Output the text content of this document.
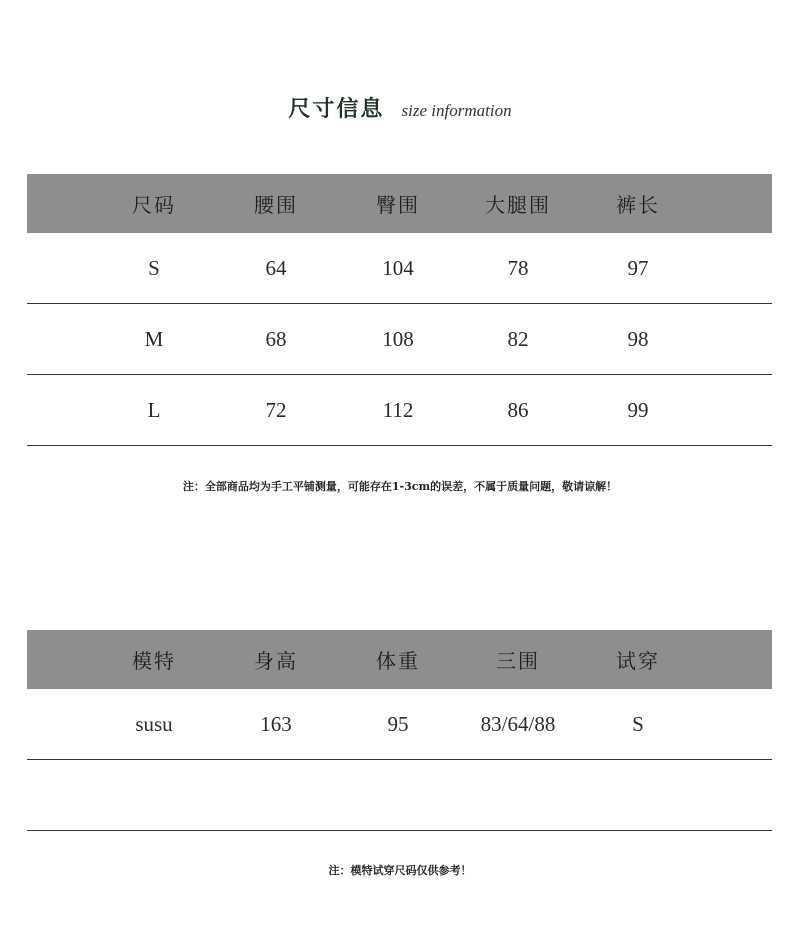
尺寸信息 size information
尺码	腰围	臀围	大腿围	裤长
S	64	104	78	97
M	68	108	82	98
L	72	112	86	99
注：全部商品均为手工平铺测量，可能存在1-3cm的误差，不属于质量问题，敬请谅解！
模特	身高	体重	三围	试穿
susu	163	95	83/64/88	S
注：模特试穿尺码仅供参考！
